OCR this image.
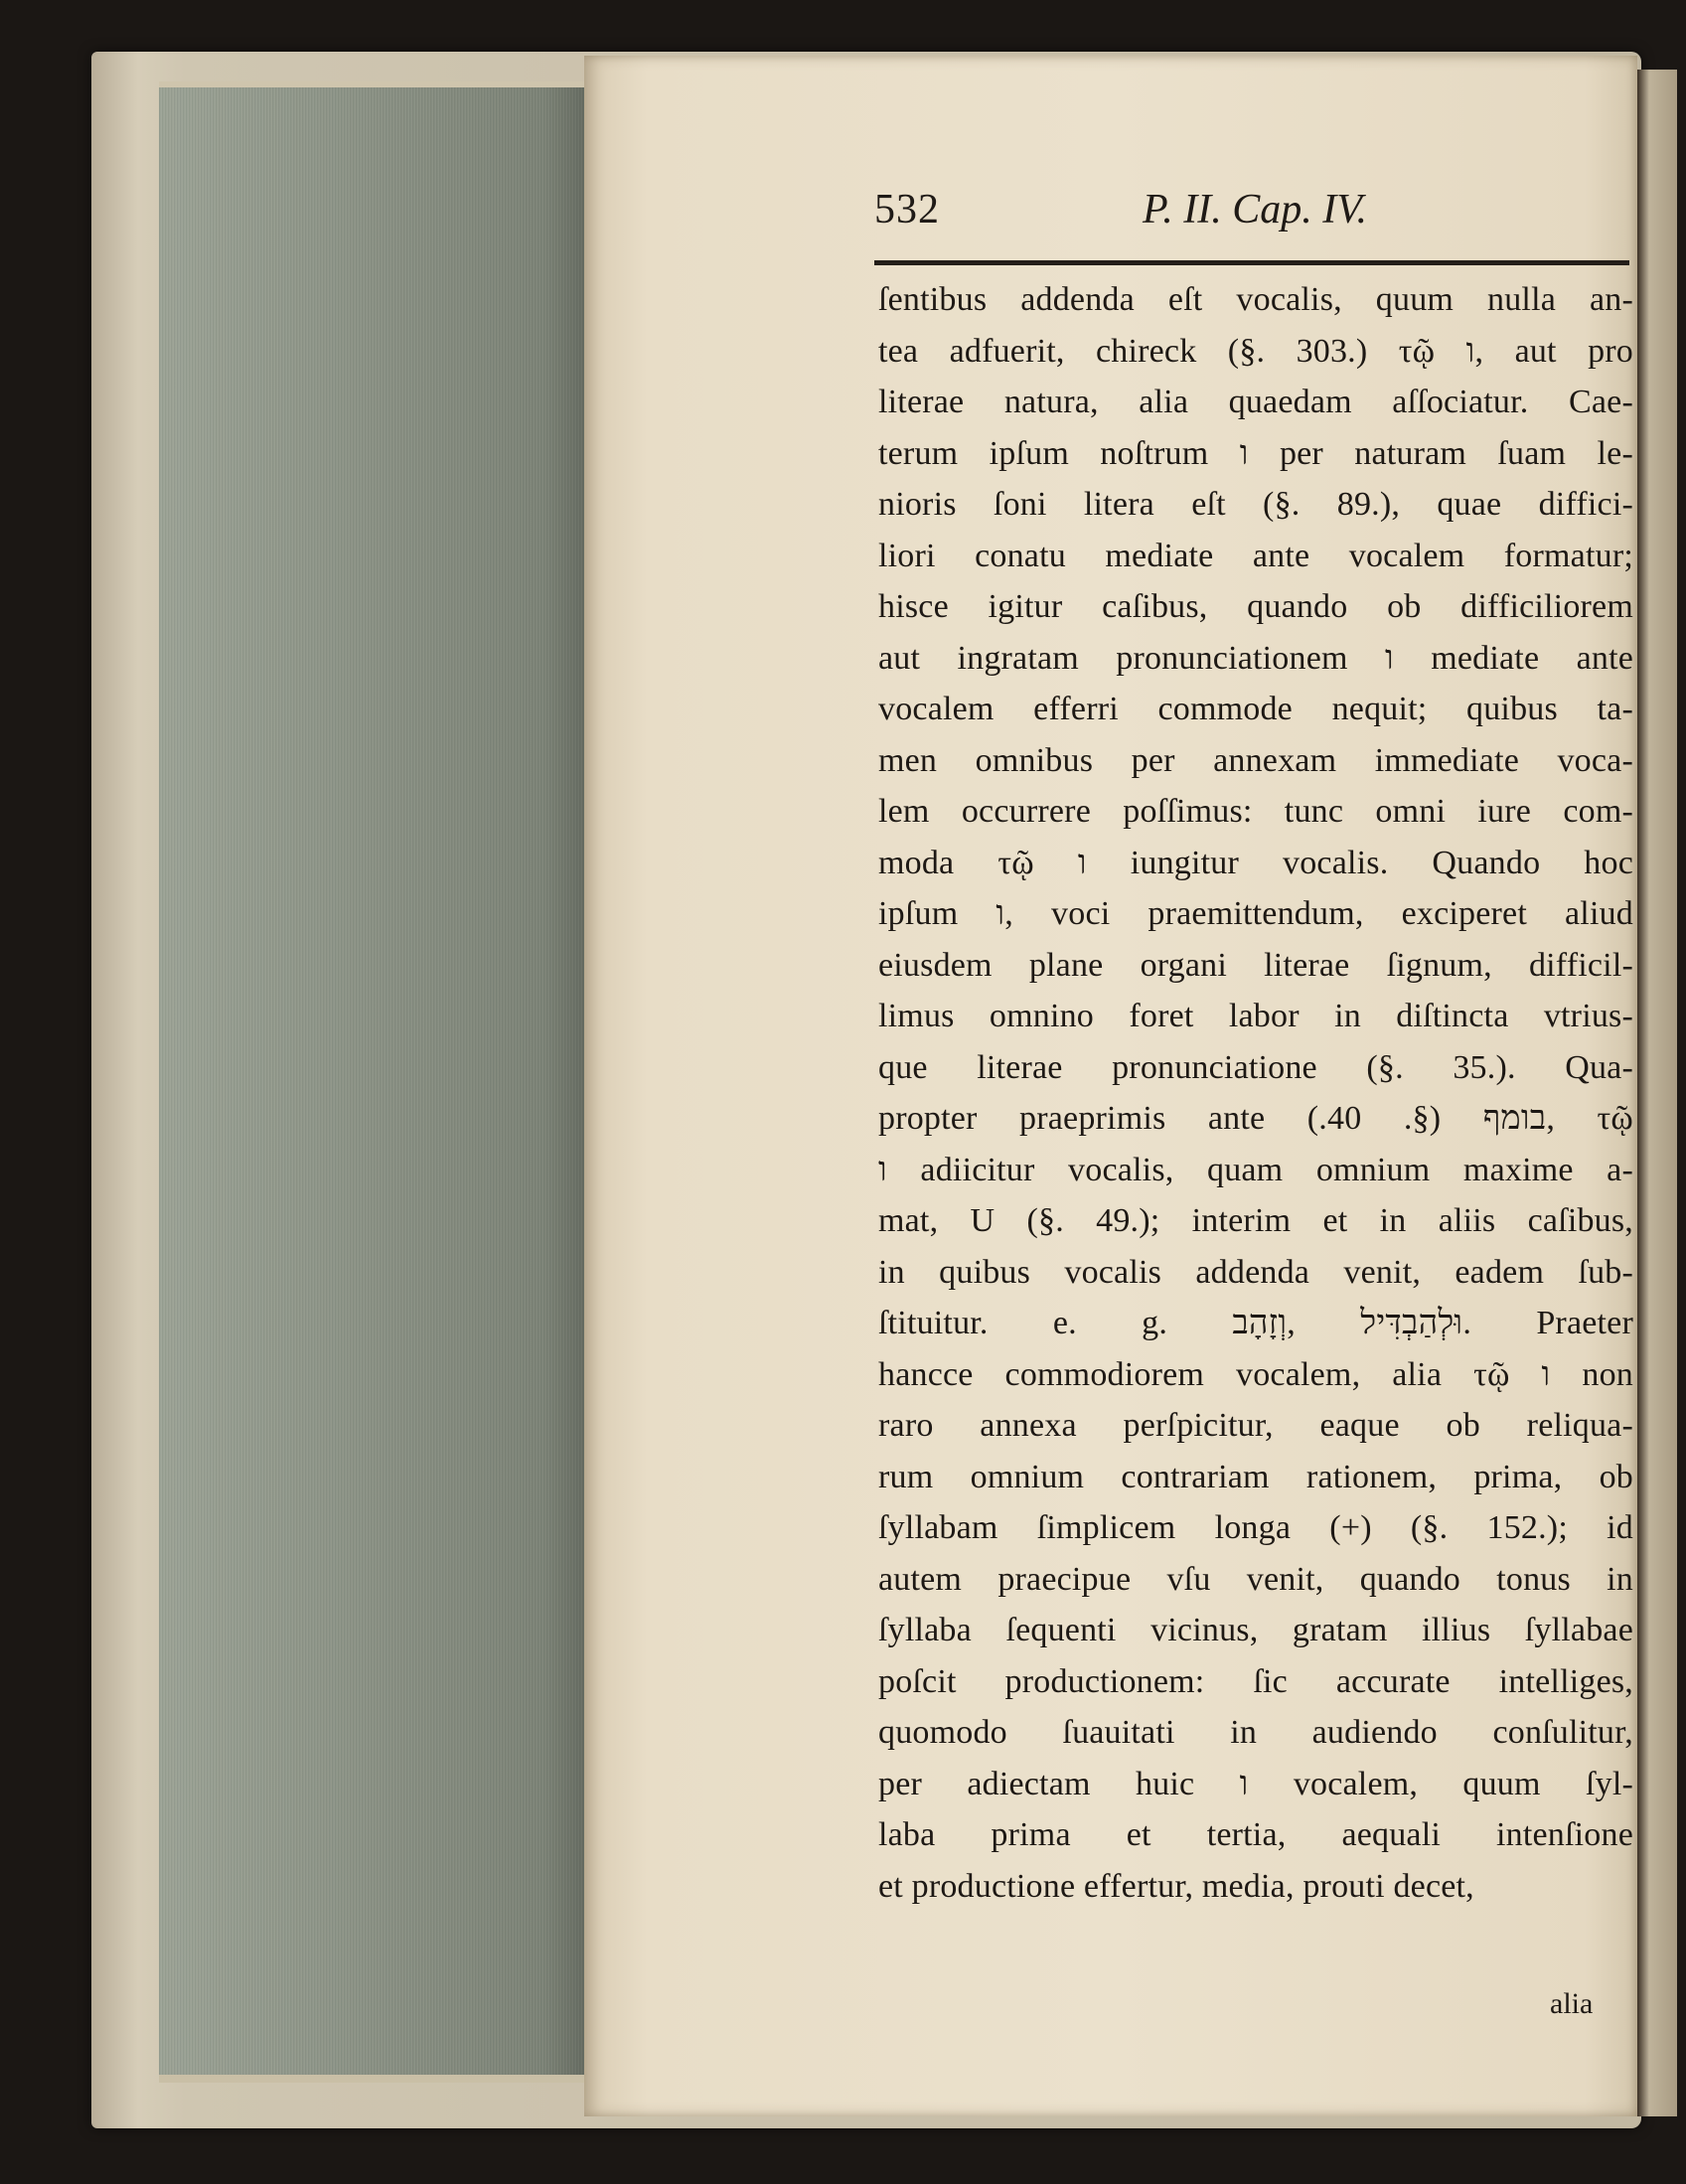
532	P. II. Cap. IV.
ſentibus addenda eſt vocalis, quum nulla an-
tea adfuerit, chireck (§. 303.) τῷ ו, aut pro
literae natura, alia quaedam aſſociatur. Cae-
terum ipſum noſtrum ו per naturam ſuam le-
nioris ſoni litera eſt (§. 89.), quae diffici-
liori conatu mediate ante vocalem formatur;
hisce igitur caſibus, quando ob difficiliorem
aut ingratam pronunciationem ו mediate ante
vocalem efferri commode nequit; quibus ta-
men omnibus per annexam immediate voca-
lem occurrere poſſimus: tunc omni iure com-
moda τῷ ו iungitur vocalis. Quando hoc
ipſum ו, voci praemittendum, exciperet aliud
eiusdem plane organi literae ſignum, difficil-
limus omnino foret labor in diſtincta vtrius-
que literae pronunciatione (§. 35.). Qua-
propter praeprimis ante בומף (§. 40.), τῷ
ו adiicitur vocalis, quam omnium maxime a-
mat, U (§. 49.); interim et in aliis caſibus,
in quibus vocalis addenda venit, eadem ſub-
ſtituitur. e. g. וּלְהַבְדִּיל ,וְזָהָב. Praeter
hancce commodiorem vocalem, alia τῷ ו non
raro annexa perſpicitur, eaque ob reliqua-
rum omnium contrariam rationem, prima, ob
ſyllabam ſimplicem longa (+) (§. 152.); id
autem praecipue vſu venit, quando tonus in
ſyllaba ſequenti vicinus, gratam illius ſyllabae
poſcit productionem: ſic accurate intelliges,
quomodo ſuauitati in audiendo conſulitur,
per adiectam huic ו vocalem, quum ſyl-
laba prima et tertia, aequali intenſione
et productione effertur, media, prouti decet,
alia
